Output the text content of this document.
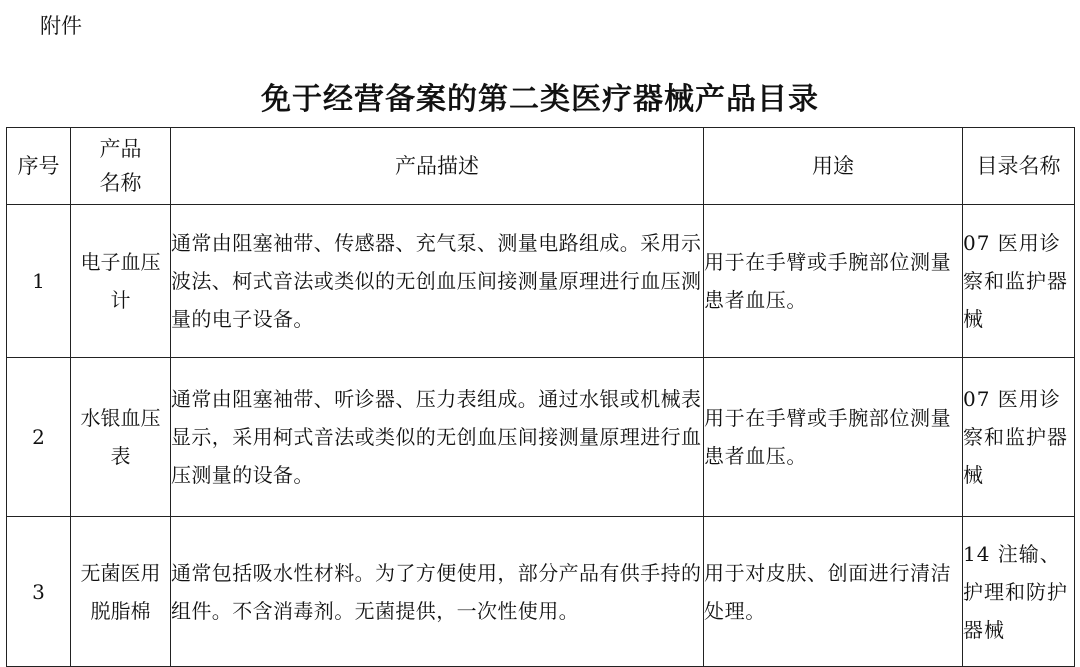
附件
免于经营备案的第二类医疗器械产品目录
序号	产品名称	产品描述	用途	目录名称
1	电子血压计	通常由阻塞袖带、传感器、充气泵、测量电路组成。采用示波法、柯式音法或类似的无创血压间接测量原理进行血压测量的电子设备。	用于在手臂或手腕部位测量患者血压。	07 医用诊察和监护器械
2	水银血压表	通常由阻塞袖带、听诊器、压力表组成。通过水银或机械表显示，采用柯式音法或类似的无创血压间接测量原理进行血压测量的设备。	用于在手臂或手腕部位测量患者血压。	07 医用诊察和监护器械
3	无菌医用脱脂棉	通常包括吸水性材料。为了方便使用，部分产品有供手持的组件。不含消毒剂。无菌提供，一次性使用。	用于对皮肤、创面进行清洁处理。	14 注输、护理和防护器械
